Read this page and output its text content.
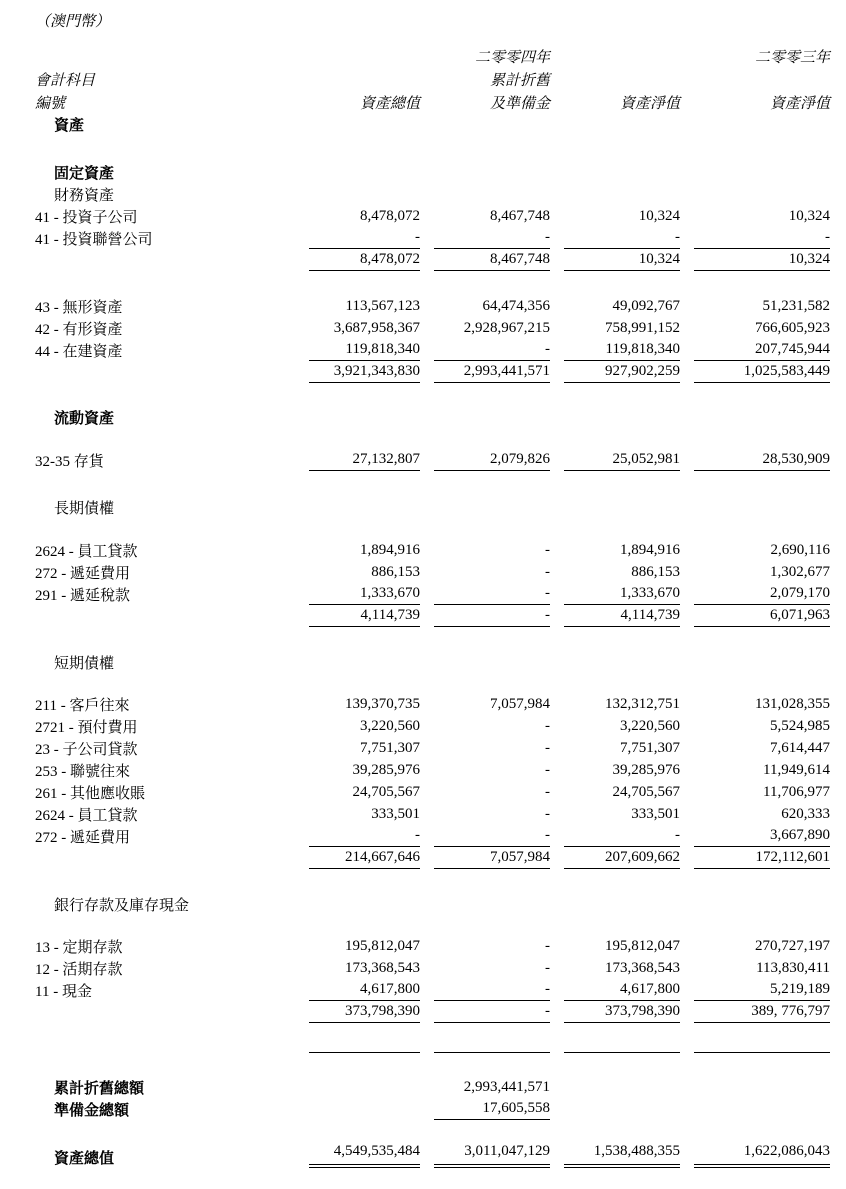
（澳門幣）
		二零零四年		二零零三年
會計科目		累計折舊		
編號	資產總值	及準備金	資產淨值	資產淨值
資產	

固定資產	

財務資產	

41 - 投資子公司	8,478,072	8,467,748	10,324	10,324

41 - 投資聯營公司	-	-	-	-

	8,478,072	8,467,748	10,324	10,324

43 - 無形資產	113,567,123	64,474,356	49,092,767	51,231,582

42 - 有形資產	3,687,958,367	2,928,967,215	758,991,152	766,605,923

44 - 在建資產	119,818,340	-	119,818,340	207,745,944

	3,921,343,830	2,993,441,571	927,902,259	1,025,583,449

流動資產	

32-35 存貨	27,132,807	2,079,826	25,052,981	28,530,909

長期債權	

2624 - 員工貸款	1,894,916	-	1,894,916	2,690,116

272 - 遞延費用	886,153	-	886,153	1,302,677

291 - 遞延稅款	1,333,670	-	1,333,670	2,079,170

	4,114,739	-	4,114,739	6,071,963

短期債權	

211 - 客戶往來	139,370,735	7,057,984	132,312,751	131,028,355

2721 - 預付費用	3,220,560	-	3,220,560	5,524,985

23 - 子公司貸款	7,751,307	-	7,751,307	7,614,447

253 - 聯號往來	39,285,976	-	39,285,976	11,949,614

261 - 其他應收賬	24,705,567	-	24,705,567	11,706,977

2624 - 員工貸款	333,501	-	333,501	620,333

272 - 遞延費用	-	-	-	3,667,890

	214,667,646	7,057,984	207,609,662	172,112,601

銀行存款及庫存現金	

13 - 定期存款	195,812,047	-	195,812,047	270,727,197

12 - 活期存款	173,368,543	-	173,368,543	113,830,411

11 - 現金	4,617,800	-	4,617,800	5,219,189

	373,798,390	-	373,798,390	389, 776,797

累計折舊總額		2,993,441,571		

準備金總額		17,605,558		

資產總值	4,549,535,484	3,011,047,129	1,538,488,355	1,622,086,043
